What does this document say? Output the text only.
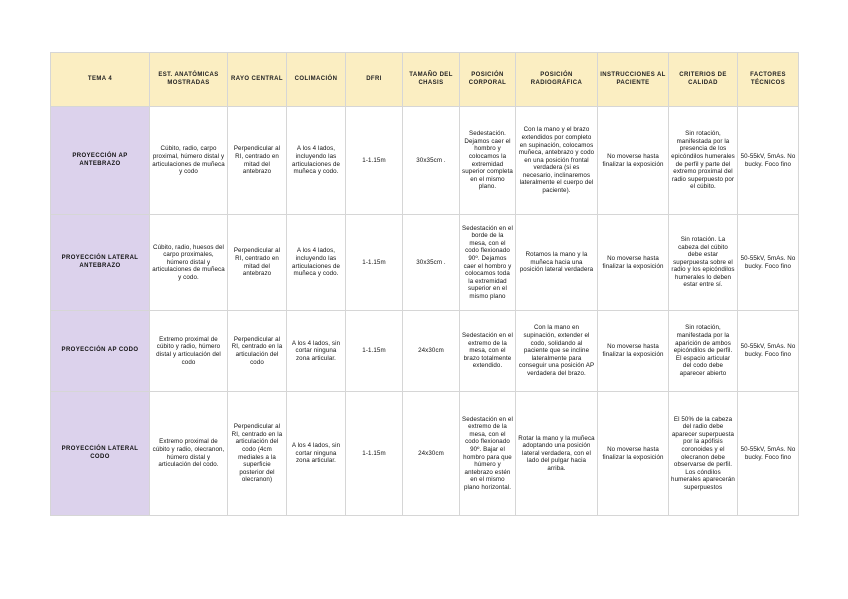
TEMA 4	EST. ANATÓMICAS MOSTRADAS	RAYO CENTRAL	COLIMACIÓN	DFRI	TAMAÑO DEL CHASIS	POSICIÓN CORPORAL	POSICIÓN RADIOGRÁFICA	INSTRUCCIONES AL PACIENTE	CRITERIOS DE CALIDAD	FACTORES TÉCNICOS
PROYECCIÓN AP ANTEBRAZO	Cúbito, radio, carpo proximal, húmero distal y articulaciones de muñeca y codo	Perpendicular al RI, centrado en mitad del antebrazo	A los 4 lados, incluyendo las articulaciones de muñeca y codo.	1-1.15m	30x35cm .	Sedestación. Dejamos caer el hombro y colocamos la extremidad superior completa en el mismo plano.	Con la mano y el brazo extendidos por completo en supinación, colocamos muñeca, antebrazo y codo en una posición frontal verdadera (si es necesario, inclinaremos lateralmente el cuerpo del paciente).	No moverse hasta finalizar la exposición	Sin rotación, manifestada por la presencia de los epicóndilos humerales de perfil y parte del extremo proximal del radio superpuesto por el cúbito.	50-55kV, 5mAs. No bucky. Foco fino
PROYECCIÓN LATERAL ANTEBRAZO	Cúbito, radio, huesos del carpo proximales, húmero distal y articulaciones de muñeca y codo.	Perpendicular al RI, centrado en mitad del antebrazo	A los 4 lados, incluyendo las articulaciones de muñeca y codo.	1-1.15m	30x35cm .	Sedestación en el borde de la mesa, con el codo flexionado 90º. Dejamos caer el hombro y colocamos toda la extremidad superior en el mismo plano	Rotamos la mano y la muñeca hacia una posición lateral verdadera	No moverse hasta finalizar la exposición	Sin rotación. La cabeza del cúbito debe estar superpuesta sobre el radio y los epicóndilos humerales lo deben estar entre sí.	50-55kV, 5mAs. No bucky. Foco fino
PROYECCIÓN AP CODO	Extremo proximal de cúbito y radio, húmero distal y articulación del codo	Perpendicular al RI, centrado en la articulación del codo	A los 4 lados, sin cortar ninguna zona articular.	1-1.15m	24x30cm	Sedestación en el extremo de la mesa, con el brazo totalmente extendido.	Con la mano en supinación, extender el codo, solidando al paciente que se incline lateralmente para conseguir una posición AP verdadera del brazo.	No moverse hasta finalizar la exposición	Sin rotación, manifestada por la aparición de ambos epicóndilos de perfil. El espacio articular del codo debe aparecer abierto	50-55kV, 5mAs. No bucky. Foco fino
PROYECCIÓN LATERAL CODO	Extremo proximal de cúbito y radio, olecranon, húmero distal y articulación del codo.	Perpendicular al RI, centrado en la articulación del codo (4cm mediales a la superficie posterior del olecranon)	A los 4 lados, sin cortar ninguna zona articular.	1-1.15m	24x30cm	Sedestación en el extremo de la mesa, con el codo flexionado 90º. Bajar el hombro para que húmero y antebrazo estén en el mismo plano horizontal.	Rotar la mano y la muñeca adoptando una posición lateral verdadera, con el lado del pulgar hacia arriba.	No moverse hasta finalizar la exposición	El 50% de la cabeza del radio debe aparecer superpuesta por la apófisis coronoides y el olecranon debe observarse de perfil. Los cóndilos humerales aparecerán superpuestos	50-55kV, 5mAs. No bucky. Foco fino
